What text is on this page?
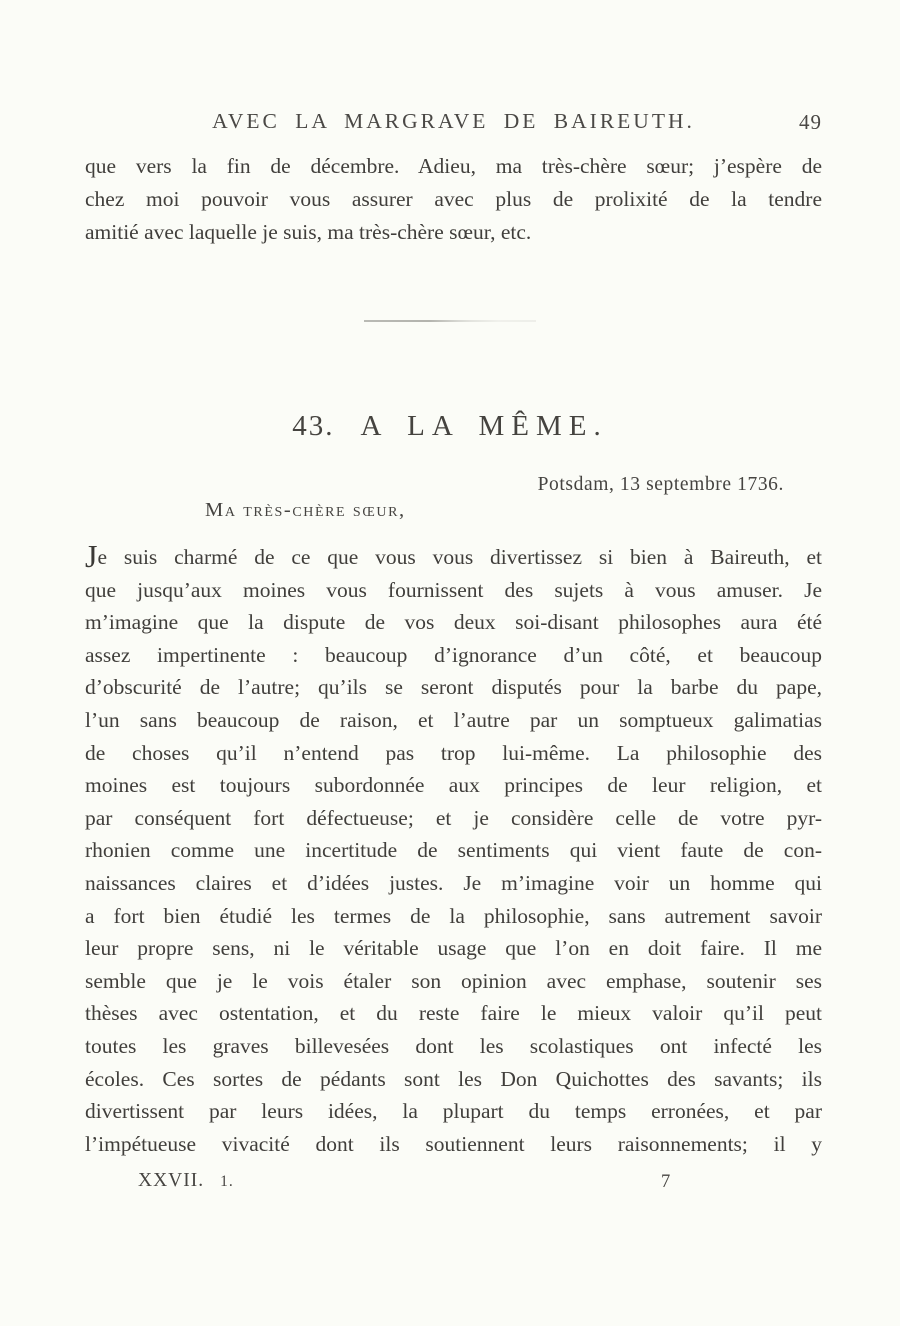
AVEC LA MARGRAVE DE BAIREUTH.	49
que vers la fin de décembre. Adieu, ma très-chère sœur; j’espère de
chez moi pouvoir vous assurer avec plus de prolixité de la tendre
amitié avec laquelle je suis, ma très-chère sœur, etc.
43. A LA MÊME.
Potsdam, 13 septembre 1736.
Ma très-chère sœur,
Je suis charmé de ce que vous vous divertissez si bien à Baireuth, et
que jusqu’aux moines vous fournissent des sujets à vous amuser. Je
m’imagine que la dispute de vos deux soi-disant philosophes aura été
assez impertinente : beaucoup d’ignorance d’un côté, et beaucoup
d’obscurité de l’autre; qu’ils se seront disputés pour la barbe du pape,
l’un sans beaucoup de raison, et l’autre par un somptueux galimatias
de choses qu’il n’entend pas trop lui-même. La philosophie des
moines est toujours subordonnée aux principes de leur religion, et
par conséquent fort défectueuse; et je considère celle de votre pyr-
rhonien comme une incertitude de sentiments qui vient faute de con-
naissances claires et d’idées justes. Je m’imagine voir un homme qui
a fort bien étudié les termes de la philosophie, sans autrement savoir
leur propre sens, ni le véritable usage que l’on en doit faire. Il me
semble que je le vois étaler son opinion avec emphase, soutenir ses
thèses avec ostentation, et du reste faire le mieux valoir qu’il peut
toutes les graves billevesées dont les scolastiques ont infecté les
écoles. Ces sortes de pédants sont les Don Quichottes des savants; ils
divertissent par leurs idées, la plupart du temps erronées, et par
l’impétueuse vivacité dont ils soutiennent leurs raisonnements; il y
XXVII. 1.	7
